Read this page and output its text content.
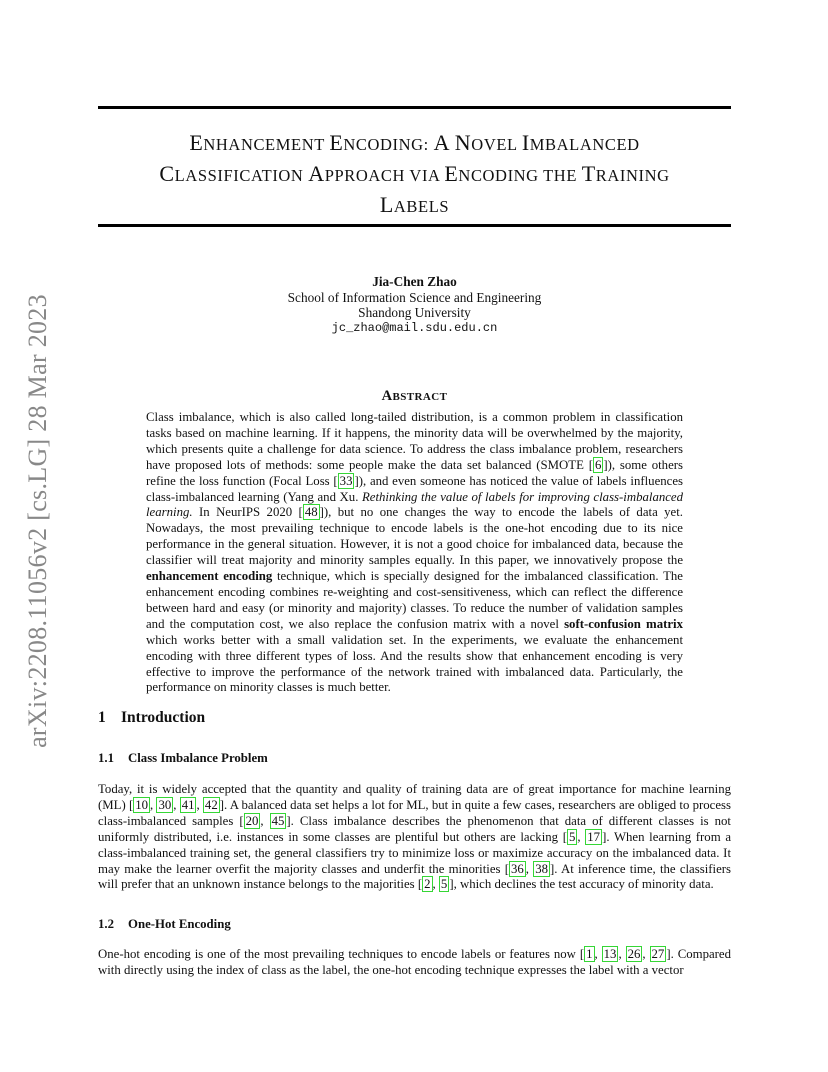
ENHANCEMENT ENCODING: A NOVEL IMBALANCED
CLASSIFICATION APPROACH VIA ENCODING THE TRAINING
LABELS
arXiv:2208.11056v2 [cs.LG] 28 Mar 2023
Jia-Chen Zhao
School of Information Science and Engineering
Shandong University
jc_zhao@mail.sdu.edu.cn
ABSTRACT
Class imbalance, which is also called long-tailed distribution, is a common problem in classification tasks based on machine learning. If it happens, the minority data will be overwhelmed by the majority, which presents quite a challenge for data science. To address the class imbalance problem, researchers have proposed lots of methods: some people make the data set balanced (SMOTE [ 6 ]), some others refine the loss function (Focal Loss [ 33 ]), and even someone has noticed the value of labels influences class-imbalanced learning (Yang and Xu. Rethinking the value of labels for improving class-imbalanced learning. In NeurIPS 2020 [ 48 ]), but no one changes the way to encode the labels of data yet. Nowadays, the most prevailing technique to encode labels is the one-hot encoding due to its nice performance in the general situation. However, it is not a good choice for imbalanced data, because the classifier will treat majority and minority samples equally. In this paper, we innovatively propose the enhancement encoding technique, which is specially designed for the imbalanced classification. The enhancement encoding combines re-weighting and cost-sensitiveness, which can reflect the difference between hard and easy (or minority and majority) classes. To reduce the number of validation samples and the computation cost, we also replace the confusion matrix with a novel soft-confusion matrix which works better with a small validation set. In the experiments, we evaluate the enhancement encoding with three different types of loss. And the results show that enhancement encoding is very effective to improve the performance of the network trained with imbalanced data. Particularly, the performance on minority classes is much better.
1 Introduction
1.1 Class Imbalance Problem
Today, it is widely accepted that the quantity and quality of training data are of great importance for machine learning (ML) [ 10 , 30 , 41 , 42 ]. A balanced data set helps a lot for ML, but in quite a few cases, researchers are obliged to process class-imbalanced samples [ 20 , 45 ]. Class imbalance describes the phenomenon that data of different classes is not uniformly distributed, i.e. instances in some classes are plentiful but others are lacking [ 5 , 17 ]. When learning from a class-imbalanced training set, the general classifiers try to minimize loss or maximize accuracy on the imbalanced data. It may make the learner overfit the majority classes and underfit the minorities [ 36 , 38 ]. At inference time, the classifiers will prefer that an unknown instance belongs to the majorities [ 2 , 5 ], which declines the test accuracy of minority data.
1.2 One-Hot Encoding
One-hot encoding is one of the most prevailing techniques to encode labels or features now [ 1 , 13 , 26 , 27 ]. Compared with directly using the index of class as the label, the one-hot encoding technique expresses the label with a vector
